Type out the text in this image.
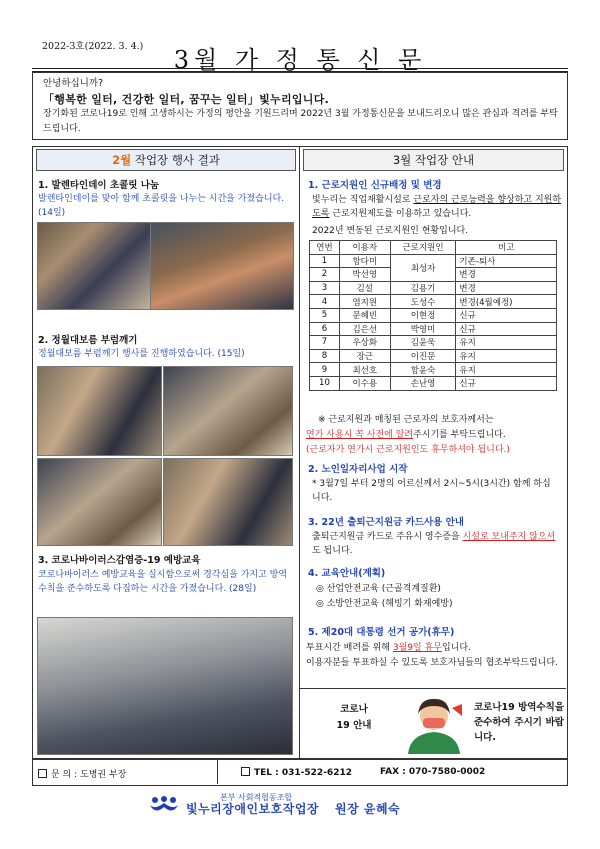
2022-3호(2022. 3. 4.)	3월 가 정 통 신 문
안녕하십니까?
「행복한 일터, 건강한 일터, 꿈꾸는 일터」빛누리입니다.
장기화된 코로나19로 인해 고생하시는 가정의 평안을 기원드리며 2022년 3월 가정통신문을 보내드리오니 많은 관심과 격려를 부탁드립니다.
2월 작업장 행사 결과
1. 발렌타인데이 초콜릿 나눔
발렌타인데이를 맞아 함께 초콜릿을 나누는 시간을 가졌습니다. (14일)
2. 정월대보름 부럼깨기
정월대보름 부럼깨기 행사를 진행하였습니다. (15일)
3. 코로나바이러스감염증-19 예방교육
코로나바이러스 예방교육을 실시함으로써 경각심을 가지고 방역수칙을 준수하도록 다짐하는 시간을 가졌습니다. (28일)
3월 작업장 안내
1. 근로지원인 신규배정 및 변경
빛누리는 직업재활시설로 근로자의 근로능력을 향상하고 지원하도록 근로지원제도를 이용하고 있습니다.
2022년 변동된 근로지원인 현황입니다.
연번	이용자	근로지원인	비고
1	함다미	최성자	기존-퇴사
2	박선영		변경
3	김설	김용기	변경
4	염지원	도성수	변경(4월예정)
5	문혜빈	이현정	신규
6	김은선	박영미	신규
7	우상화	김윤욱	유지
8	장근	이진문	유지
9	최선호	함윤숙	유지
10	이수용	손난영	신규
※ 근로지원과 매칭된 근로자의 보호자께서는
연가 사용시 꼭 사전에 알려주시기를 부탁드립니다.
(근로자가 연가시 근로지원인도 휴무하셔야 됩니다.)
2. 노인일자리사업 시작
* 3월7일 부터 2명의 어르신께서 2시~5시(3시간) 함께 하십니다.
3. 22년 출퇴근지원금 카드사용 안내
출퇴근지원금 카드로 주유시 영수증을 시설로 보내주지 않으셔도 됩니다.
4. 교육안내(계획)
◎ 산업안전교육 (근골격계질환)
◎ 소방안전교육 (해빙기 화재예방)
5. 제20대 대통령 선거 공가(휴무)
투표시간 배려를 위해 3월9일 휴무입니다.
이용자분들 투표하실 수 있도록 보호자님들의 협조부탁드립니다.
코로나
19 안내
코로나19 방역수칙을 준수하여 주시기 바랍니다.
문 의 : 도병권 부장	TEL : 031-522-6212	FAX : 070-7580-0002
본부 사회적협동조합
빛누리장애인보호작업장 원장 윤혜숙
